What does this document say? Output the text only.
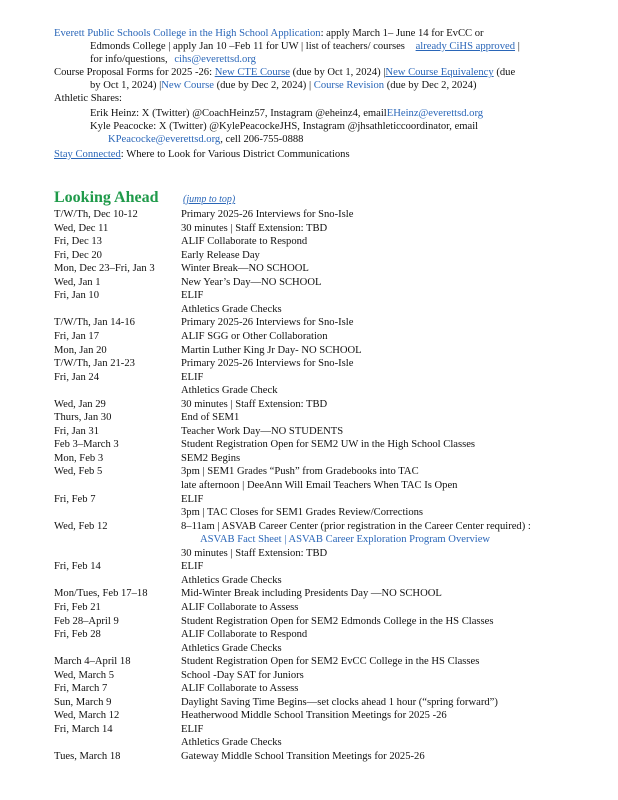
Everett Public Schools College in the High School Application: apply March 1– June 14 for EvCC or
Edmonds College | apply Jan 10 –Feb 11 for UW | list of teachers/ courses already CiHS approved |
for info/questions, cihs@everettsd.org
Course Proposal Forms for 2025 -26: New CTE Course (due by Oct 1, 2024) |New Course Equivalency (due
by Oct 1, 2024) |New Course (due by Dec 2, 2024) | Course Revision (due by Dec 2, 2024)
Athletic Shares:
Erik Heinz: X (Twitter) @CoachHeinz57, Instagram @eheinz4, emailEHeinz@everettsd.org
Kyle Peacocke: X (Twitter) @KylePeacockeJHS, Instagram @jhsathleticcoordinator, email
KPeacocke@everettsd.org, cell 206-755-0888
Stay Connected: Where to Look for Various District Communications
Looking Ahead (jump to top)
T/W/Th, Dec 10-12	Primary 2025-26 Interviews for Sno-Isle
Wed, Dec 11	30 minutes | Staff Extension: TBD
Fri, Dec 13	ALIF Collaborate to Respond
Fri, Dec 20	Early Release Day
Mon, Dec 23–Fri, Jan 3 Winter Break—NO SCHOOL
Wed, Jan 1	New Year’s Day—NO SCHOOL
Fri, Jan 10	ELIF
Athletics Grade Checks
T/W/Th, Jan 14-16	Primary 2025-26 Interviews for Sno-Isle
Fri, Jan 17	ALIF SGG or Other Collaboration
Mon, Jan 20	Martin Luther King Jr Day- NO SCHOOL
T/W/Th, Jan 21-23	Primary 2025-26 Interviews for Sno-Isle
Fri, Jan 24	ELIF
Athletics Grade Check
Wed, Jan 29	30 minutes | Staff Extension: TBD
Thurs, Jan 30	End of SEM1
Fri, Jan 31	Teacher Work Day—NO STUDENTS
Feb 3–March 3	Student Registration Open for SEM2 UW in the High School Classes
Mon, Feb 3	SEM2 Begins
Wed, Feb 5	3pm | SEM1 Grades “Push” from Gradebooks into TAC
late afternoon | DeeAnn Will Email Teachers When TAC Is Open
Fri, Feb 7	ELIF
3pm | TAC Closes for SEM1 Grades Review/Corrections
Wed, Feb 12	8–11am | ASVAB Career Center (prior registration in the Career Center required) :
ASVAB Fact Sheet | ASVAB Career Exploration Program Overview
30 minutes | Staff Extension: TBD
Fri, Feb 14	ELIF
Athletics Grade Checks
Mon/Tues, Feb 17–18	Mid-Winter Break including Presidents Day —NO SCHOOL
Fri, Feb 21	ALIF Collaborate to Assess
Feb 28–April 9	Student Registration Open for SEM2 Edmonds College in the HS Classes
Fri, Feb 28	ALIF Collaborate to Respond
Athletics Grade Checks
March 4–April 18	Student Registration Open for SEM2 EvCC College in the HS Classes
Wed, March 5	School -Day SAT for Juniors
Fri, March 7	ALIF Collaborate to Assess
Sun, March 9	Daylight Saving Time Begins—set clocks ahead 1 hour (“spring forward”)
Wed, March 12	Heatherwood Middle School Transition Meetings for 2025 -26
Fri, March 14	ELIF
Athletics Grade Checks
Tues, March 18	Gateway Middle School Transition Meetings for 2025-26
